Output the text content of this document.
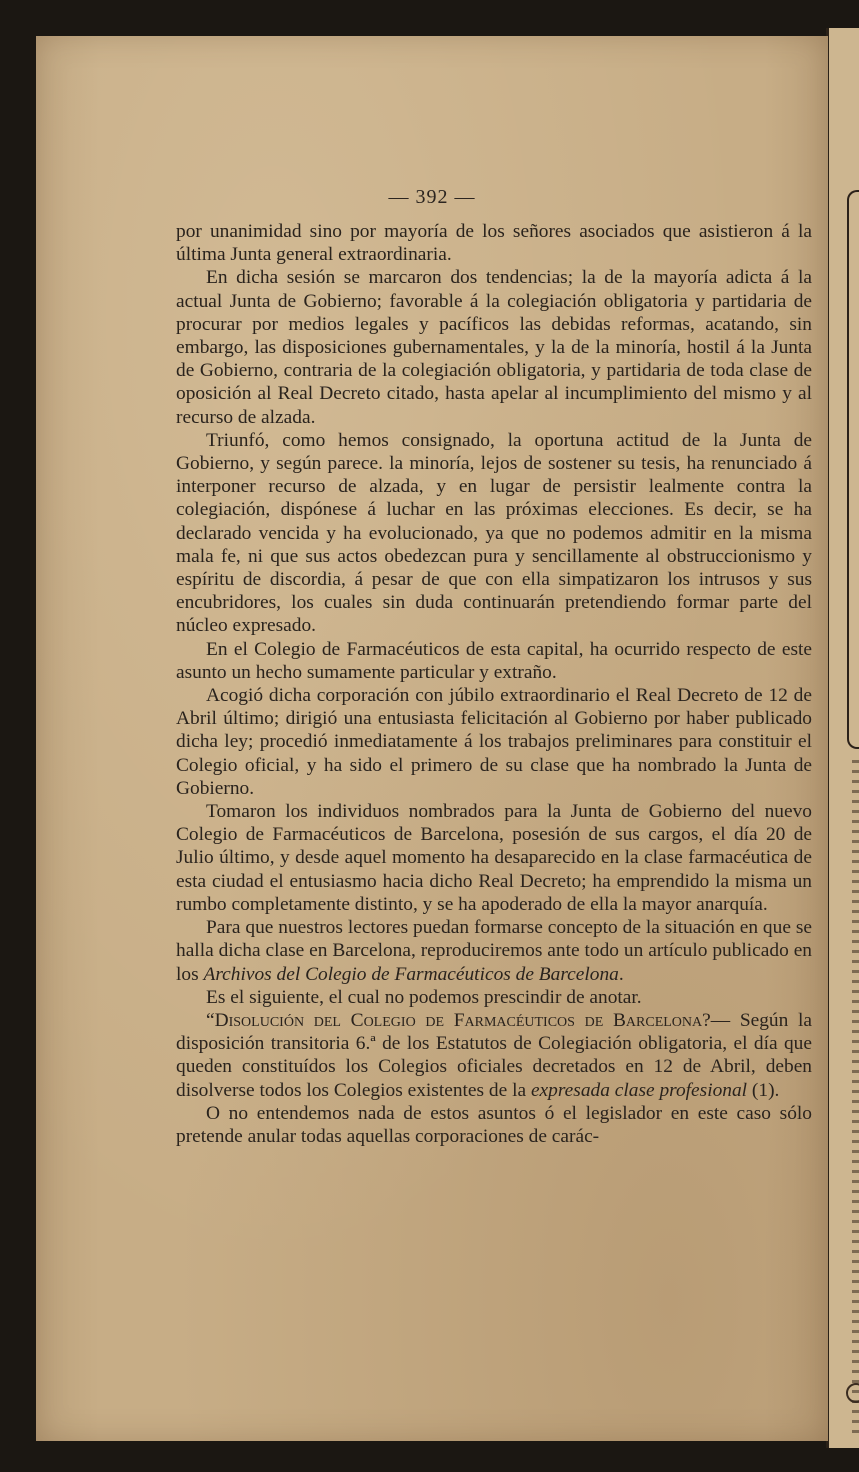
— 392 —

por unanimidad sino por mayoría de los señores asociados que asistieron á la última Junta general extraordinaria.

En dicha sesión se marcaron dos tendencias; la de la mayoría adicta á la actual Junta de Gobierno; favorable á la colegiación obligatoria y partidaria de procurar por medios legales y pacíficos las debidas reformas, acatando, sin embargo, las disposiciones gubernamentales, y la de la minoría, hostil á la Junta de Gobierno, contraria de la colegiación obligatoria, y partidaria de toda clase de oposición al Real Decreto citado, hasta apelar al incumplimiento del mismo y al recurso de alzada.

Triunfó, como hemos consignado, la oportuna actitud de la Junta de Gobierno, y según parece. la minoría, lejos de sostener su tesis, ha renunciado á interponer recurso de alzada, y en lugar de persistir lealmente contra la colegiación, dispónese á luchar en las próximas elecciones. Es decir, se ha declarado vencida y ha evolucionado, ya que no podemos admitir en la misma mala fe, ni que sus actos obedezcan pura y sencillamente al obstruccionismo y espíritu de discordia, á pesar de que con ella simpatizaron los intrusos y sus encubridores, los cuales sin duda continuarán pretendiendo formar parte del núcleo expresado.

En el Colegio de Farmacéuticos de esta capital, ha ocurrido respecto de este asunto un hecho sumamente particular y extraño.

Acogió dicha corporación con júbilo extraordinario el Real Decreto de 12 de Abril último; dirigió una entusiasta felicitación al Gobierno por haber publicado dicha ley; procedió inmediatamente á los trabajos preliminares para constituir el Colegio oficial, y ha sido el primero de su clase que ha nombrado la Junta de Gobierno.

Tomaron los individuos nombrados para la Junta de Gobierno del nuevo Colegio de Farmacéuticos de Barcelona, posesión de sus cargos, el día 20 de Julio último, y desde aquel momento ha desaparecido en la clase farmacéutica de esta ciudad el entusiasmo hacia dicho Real Decreto; ha emprendido la misma un rumbo completamente distinto, y se ha apoderado de ella la mayor anarquía.

Para que nuestros lectores puedan formarse concepto de la situación en que se halla dicha clase en Barcelona, reproduciremos ante todo un artículo publicado en los Archivos del Colegio de Farmacéuticos de Barcelona.

Es el siguiente, el cual no podemos prescindir de anotar.

“Disolución del Colegio de Farmacéuticos de Barcelona?— Según la disposición transitoria 6.ª de los Estatutos de Colegiación obligatoria, el día que queden constituídos los Colegios oficiales decretados en 12 de Abril, deben disolverse todos los Colegios existentes de la expresada clase profesional (1).

O no entendemos nada de estos asuntos ó el legislador en este caso sólo pretende anular todas aquellas corporaciones de carác-
